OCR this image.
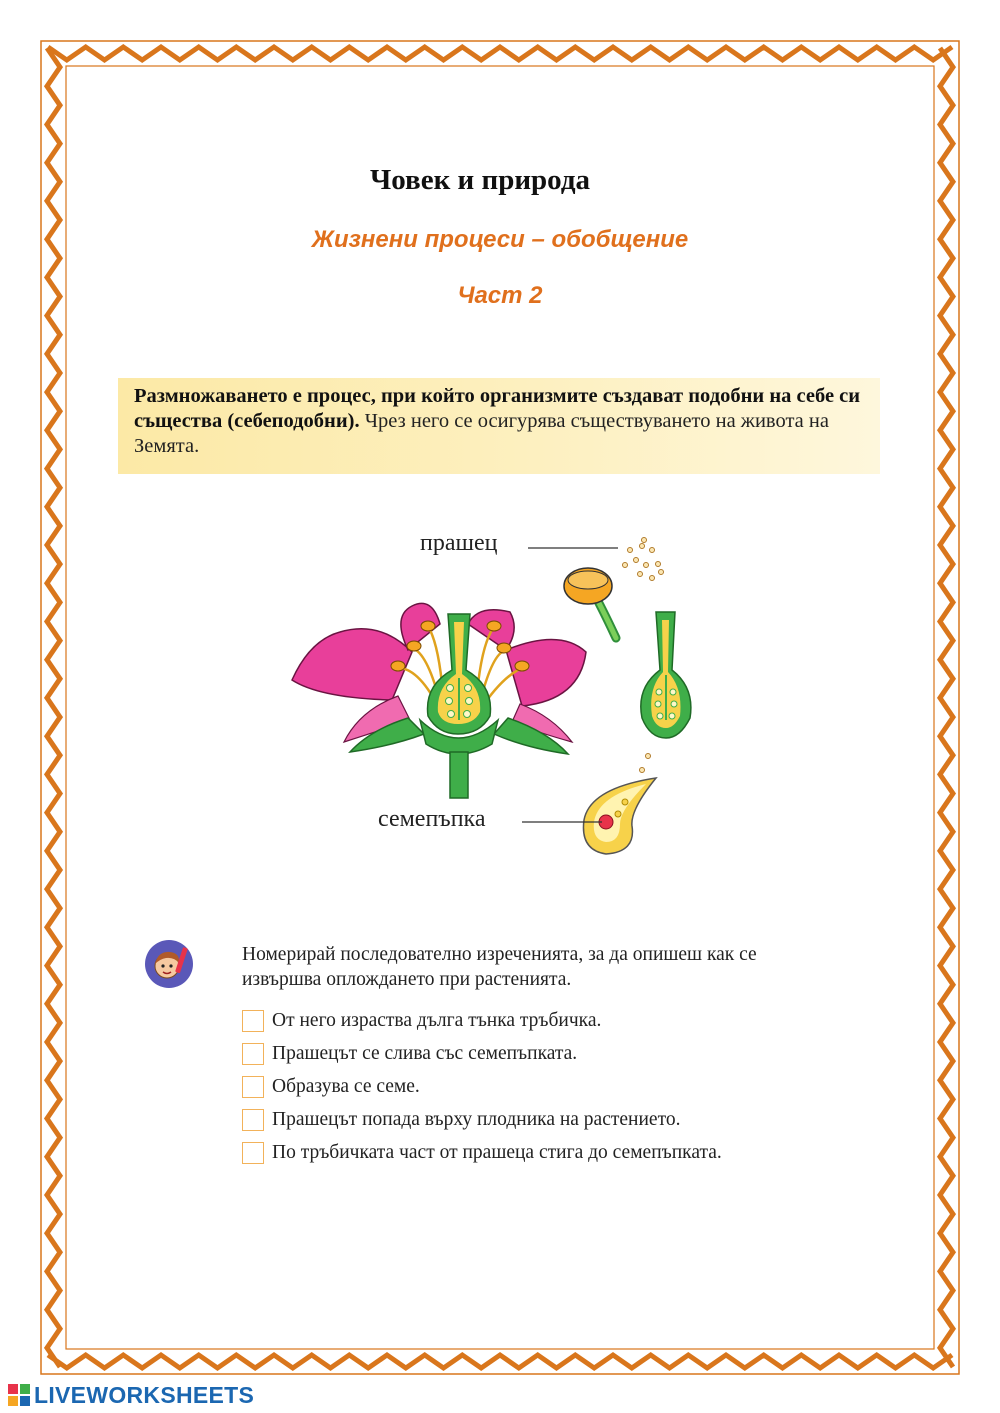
Човек и природа
Жизнени процеси – обобщение
Част 2
Размножаването е процес, при който организмите създават подобни на себе си същества (себеподобни). Чрез него се осигурява съществуването на живота на Земята.
прашец
семепъпка
Номерирай последователно изреченията, за да опишеш как се извършва оплождането при растенията.
От него израства дълга тънка тръбичка.
Прашецът се слива със семепъпката.
Образува се семе.
Прашецът попада върху плодника на растението.
По тръбичката част от прашеца стига до семепъпката.
LIVEWORKSHEETS
